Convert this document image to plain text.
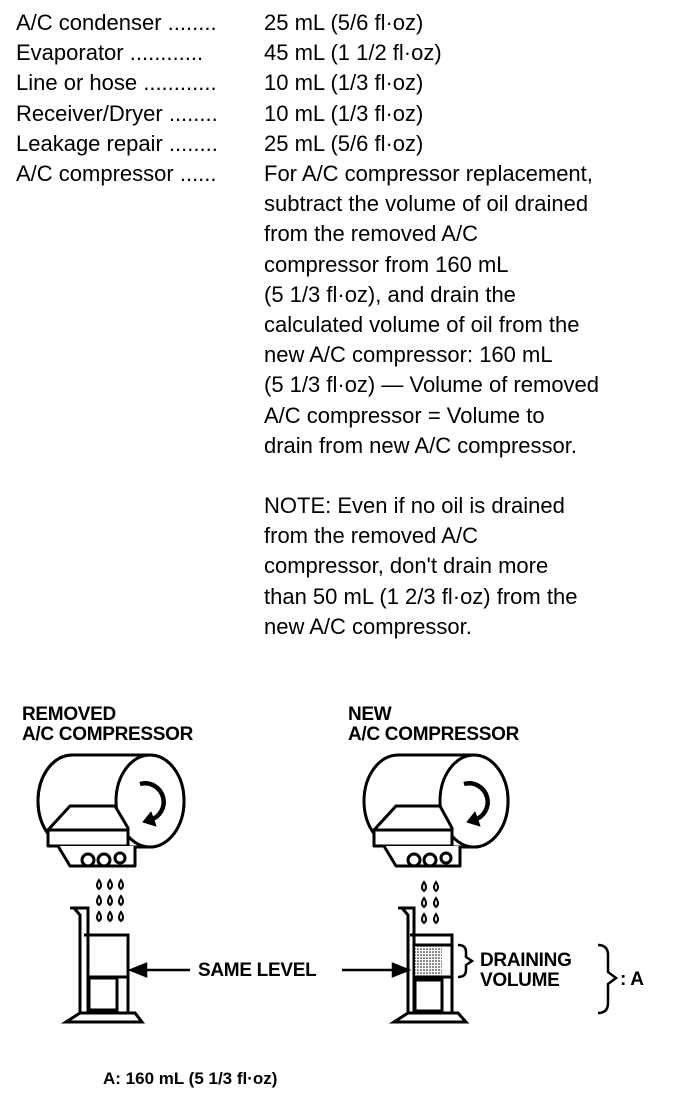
A/C condenser ........	25 mL (5/6 fl·oz)
Evaporator ............	45 mL (1 1/2 fl·oz)
Line or hose ............	10 mL (1/3 fl·oz)
Receiver/Dryer ........	10 mL (1/3 fl·oz)
Leakage repair ........	25 mL (5/6 fl·oz)
A/C compressor ......	For A/C compressor replacement,
subtract the volume of oil drained
from the removed A/C
compressor from 160 mL
(5 1/3 fl·oz), and drain the
calculated volume of oil from the
new A/C compressor: 160 mL
(5 1/3 fl·oz) — Volume of removed
A/C compressor = Volume to
drain from new A/C compressor.
NOTE: Even if no oil is drained
from the removed A/C
compressor, don't drain more
than 50 mL (1 2/3 fl·oz) from the
new A/C compressor.
REMOVED
A/C COMPRESSOR
NEW
A/C COMPRESSOR
SAME LEVEL	DRAINING
VOLUME	: A
A: 160 mL (5 1/3 fl·oz)
